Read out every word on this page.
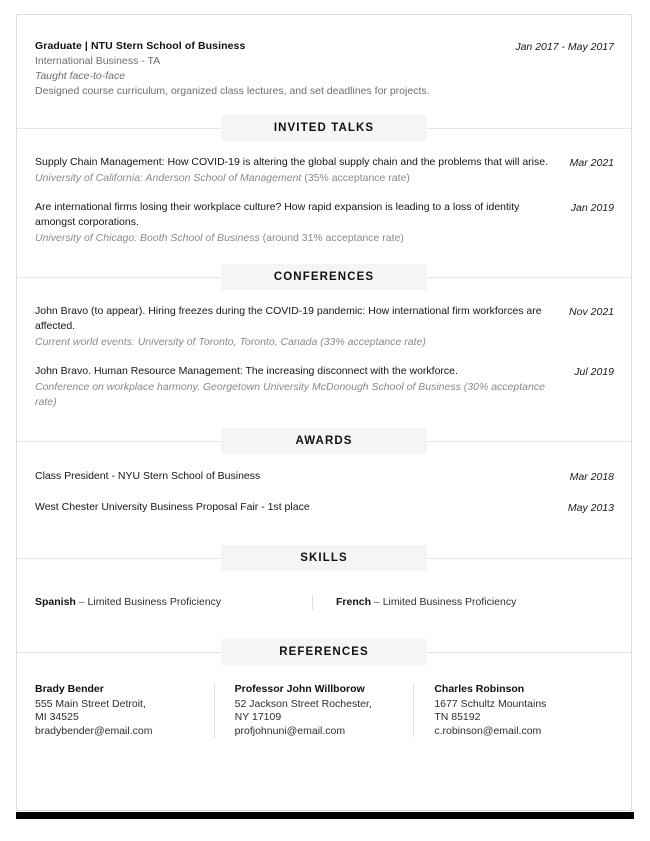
Graduate | NTU Stern School of Business
International Business - TA
Taught face-to-face
Designed course curriculum, organized class lectures, and set deadlines for projects.
Jan 2017 - May 2017
INVITED TALKS
Supply Chain Management: How COVID-19 is altering the global supply chain and the problems that will arise.
University of California: Anderson School of Management (35% acceptance rate)
Mar 2021
Are international firms losing their workplace culture? How rapid expansion is leading to a loss of identity amongst corporations.
University of Chicago: Booth School of Business (around 31% acceptance rate)
Jan 2019
CONFERENCES
John Bravo (to appear). Hiring freezes during the COVID-19 pandemic: How international firm workforces are affected.
Current world events. University of Toronto, Toronto, Canada (33% acceptance rate)
Nov 2021
John Bravo. Human Resource Management: The increasing disconnect with the workforce.
Conference on workplace harmony. Georgetown University McDonough School of Business (30% acceptance rate)
Jul 2019
AWARDS
Class President - NYU Stern School of Business	Mar 2018
West Chester University Business Proposal Fair - 1st place	May 2013
SKILLS
Spanish – Limited Business Proficiency	French – Limited Business Proficiency
REFERENCES
Brady Bender
555 Main Street Detroit,
MI 34525
bradybender@email.com
Professor John Willborow
52 Jackson Street Rochester,
NY 17109
profjohnuni@email.com
Charles Robinson
1677 Schultz Mountains
TN 85192
c.robinson@email.com
